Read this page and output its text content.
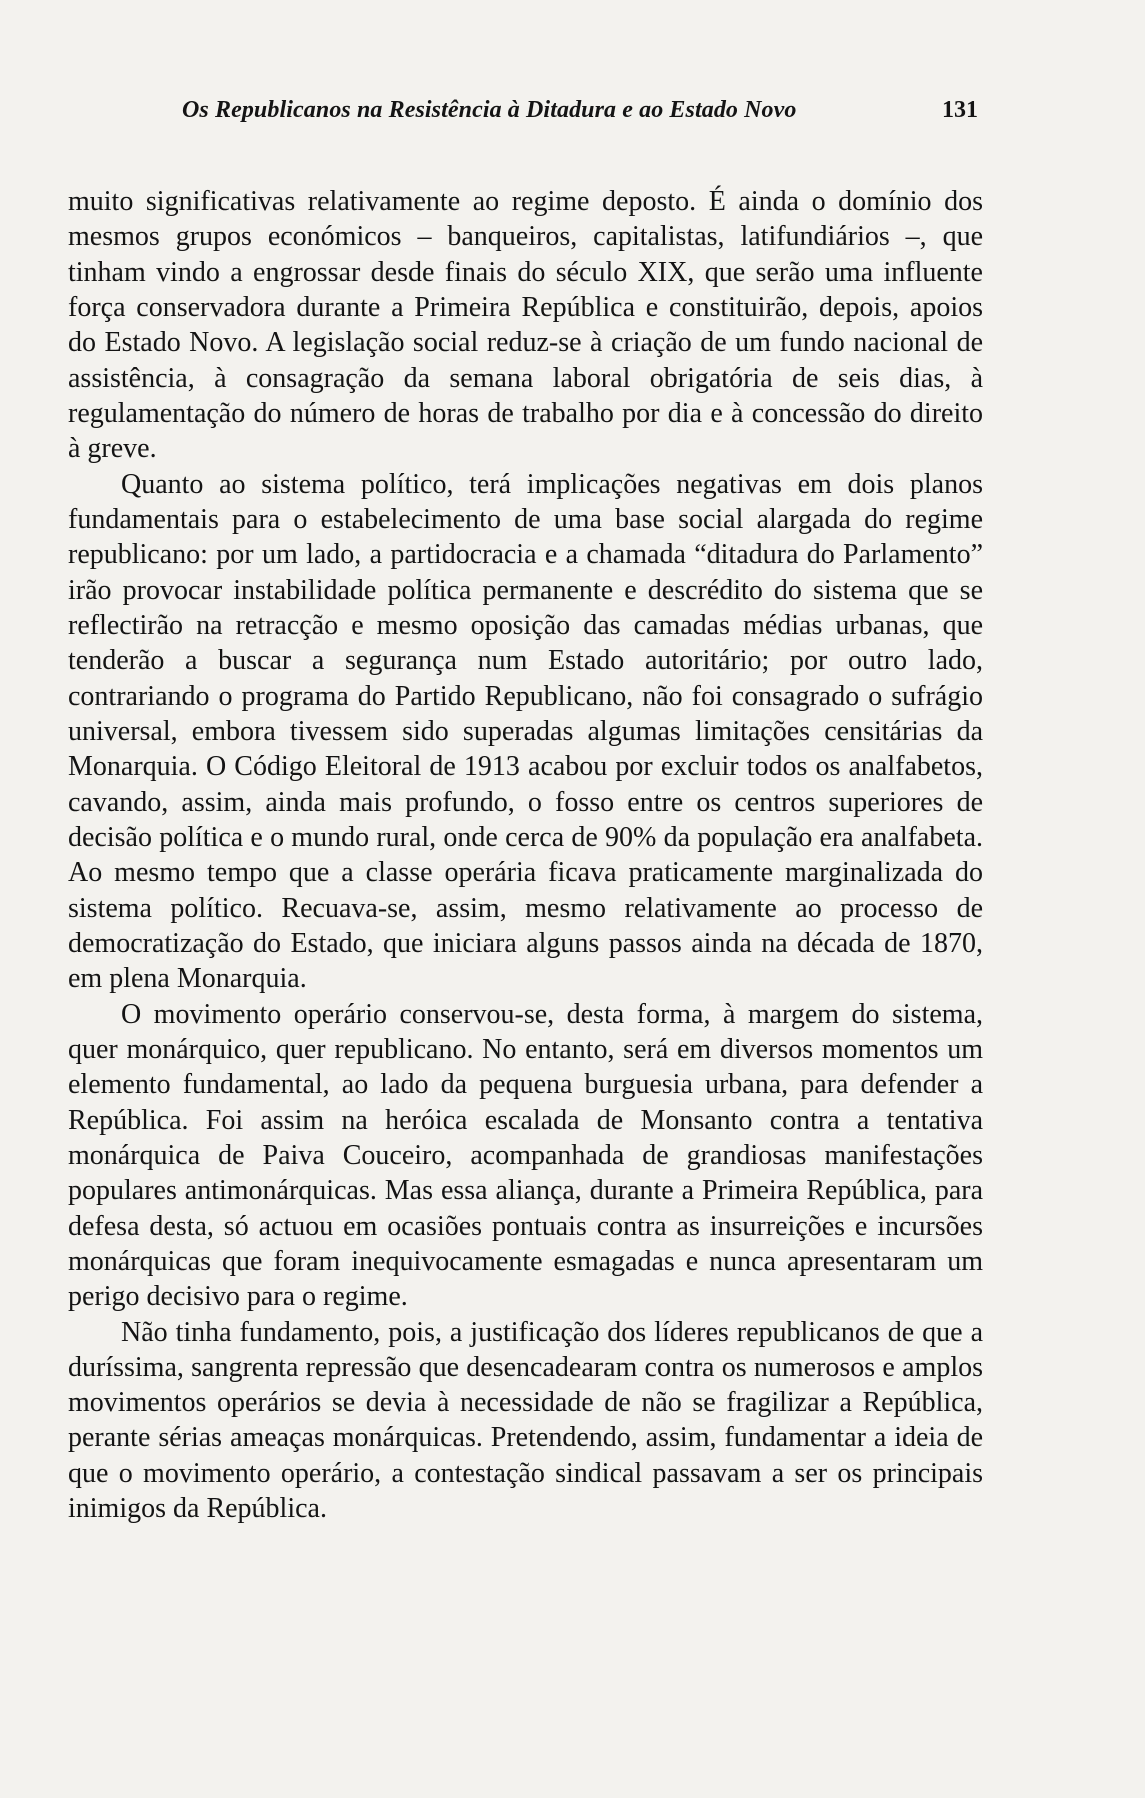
Os Republicanos na Resistência à Ditadura e ao Estado Novo	131

muito significativas relativamente ao regime deposto. É ainda o domínio dos mesmos grupos económicos – banqueiros, capitalistas, latifundiários –, que tinham vindo a engrossar desde finais do século XIX, que serão uma influente força conservadora durante a Primeira República e constituirão, depois, apoios do Estado Novo. A legislação social reduz-se à criação de um fundo nacional de assistência, à consagração da semana laboral obrigatória de seis dias, à regulamentação do número de horas de trabalho por dia e à concessão do direito à greve.

Quanto ao sistema político, terá implicações negativas em dois planos fundamentais para o estabelecimento de uma base social alargada do regime republicano: por um lado, a partidocracia e a chamada “ditadura do Parlamento” irão provocar instabilidade política permanente e descrédito do sistema que se reflectirão na retracção e mesmo oposição das camadas médias urbanas, que tenderão a buscar a segurança num Estado autoritário; por outro lado, contrariando o programa do Partido Republicano, não foi consagrado o sufrágio universal, embora tivessem sido superadas algumas limitações censitárias da Monarquia. O Código Eleitoral de 1913 acabou por excluir todos os analfabetos, cavando, assim, ainda mais profundo, o fosso entre os centros superiores de decisão política e o mundo rural, onde cerca de 90% da população era analfabeta. Ao mesmo tempo que a classe operária ficava praticamente marginalizada do sistema político. Recuava-se, assim, mesmo relativamente ao processo de democratização do Estado, que iniciara alguns passos ainda na década de 1870, em plena Monarquia.

O movimento operário conservou-se, desta forma, à margem do sistema, quer monárquico, quer republicano. No entanto, será em diversos momentos um elemento fundamental, ao lado da pequena burguesia urbana, para defender a República. Foi assim na heróica escalada de Monsanto contra a tentativa monárquica de Paiva Couceiro, acompanhada de grandiosas manifestações populares antimonárquicas. Mas essa aliança, durante a Primeira República, para defesa desta, só actuou em ocasiões pontuais contra as insurreições e incursões monárquicas que foram inequivocamente esmagadas e nunca apresentaram um perigo decisivo para o regime.

Não tinha fundamento, pois, a justificação dos líderes republicanos de que a duríssima, sangrenta repressão que desencadearam contra os numerosos e amplos movimentos operários se devia à necessidade de não se fragilizar a República, perante sérias ameaças monárquicas. Pretendendo, assim, fundamentar a ideia de que o movimento operário, a contestação sindical passavam a ser os principais inimigos da República.
